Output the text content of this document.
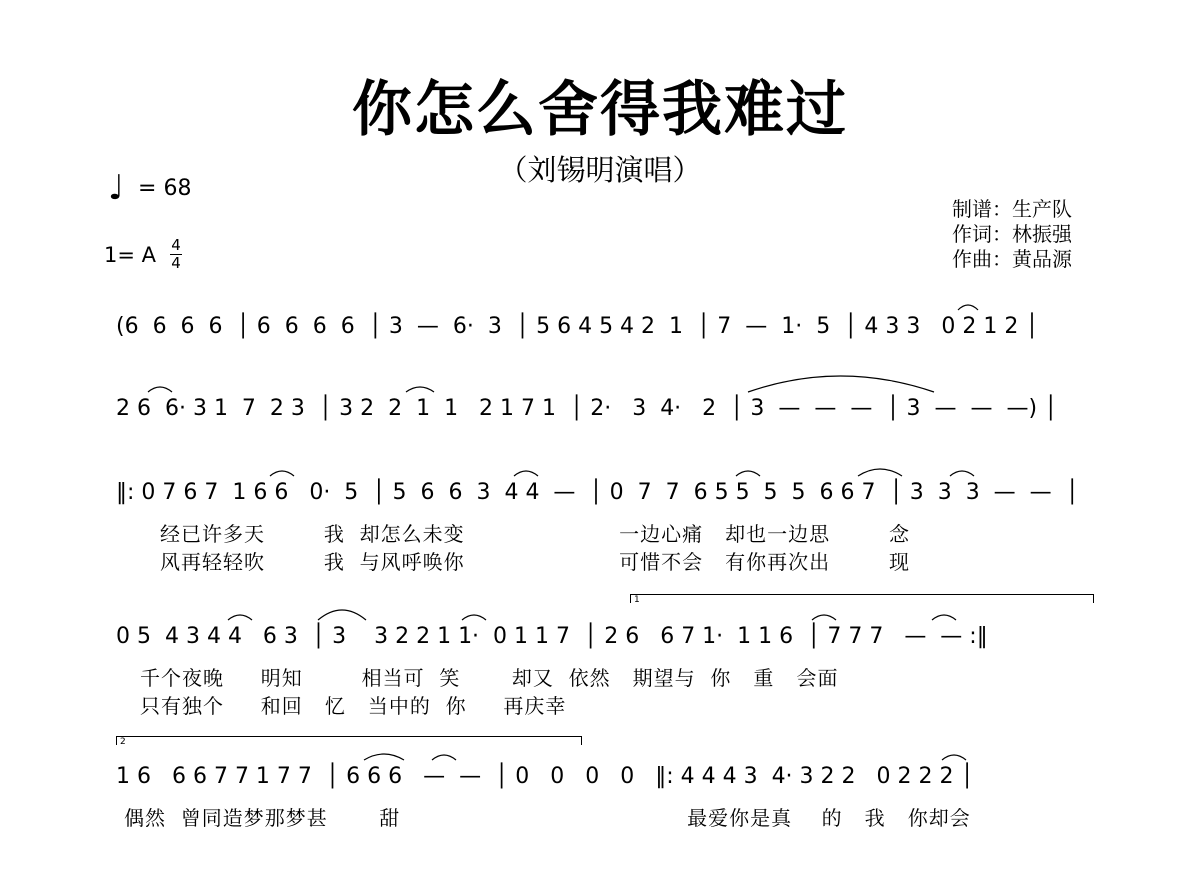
你怎么舍得我难过
（刘锡明演唱）
♩ = 68
1= A 4
4
制谱：生产队
作词：林振强
作曲：黄品源
(6  6  6  6  │ 6  6  6  6  │ 3  —  6·  3  │ 5 6 4 5 4 2  1  │ 7  —  1·  5  │ 4 3 3   0 2 1 2 │
2 6  6· 3 1  7  2 3  │ 3 2  2  1  1   2 1 7 1  │ 2·   3  4·   2  │ 3  —  —  —  │ 3  —  —  —) │
‖: 0 7 6 7  1 6 6   0·  5  │ 5  6  6  3  4 4  —  │ 0  7  7  6 5 5  5  5  6 6 7  │ 3  3  3  —  —  │
经已许多天        我  却怎么未变                     一边心痛   却也一边思        念
风再轻轻吹        我  与风呼唤你                     可惜不会   有你再次出        现
1
0 5  4 3 4 4   6 3  │ 3    3 2 2 1 1·  0 1 1 7  │ 2 6   6 7 1·  1 1 6  │ 7 7 7   —  — :‖
千个夜晚     明知        相当可  笑       却又  依然   期望与  你   重   会面
只有独个     和回   忆   当中的  你     再庆幸
2
1 6   6 6 7 7 1 7 7  │ 6 6 6   —  —  │ 0   0   0   0   ‖: 4 4 4 3  4· 3 2 2   0 2 2 2 │
偶然  曾同造梦那梦甚       甜                                       最爱你是真    的   我   你却会
